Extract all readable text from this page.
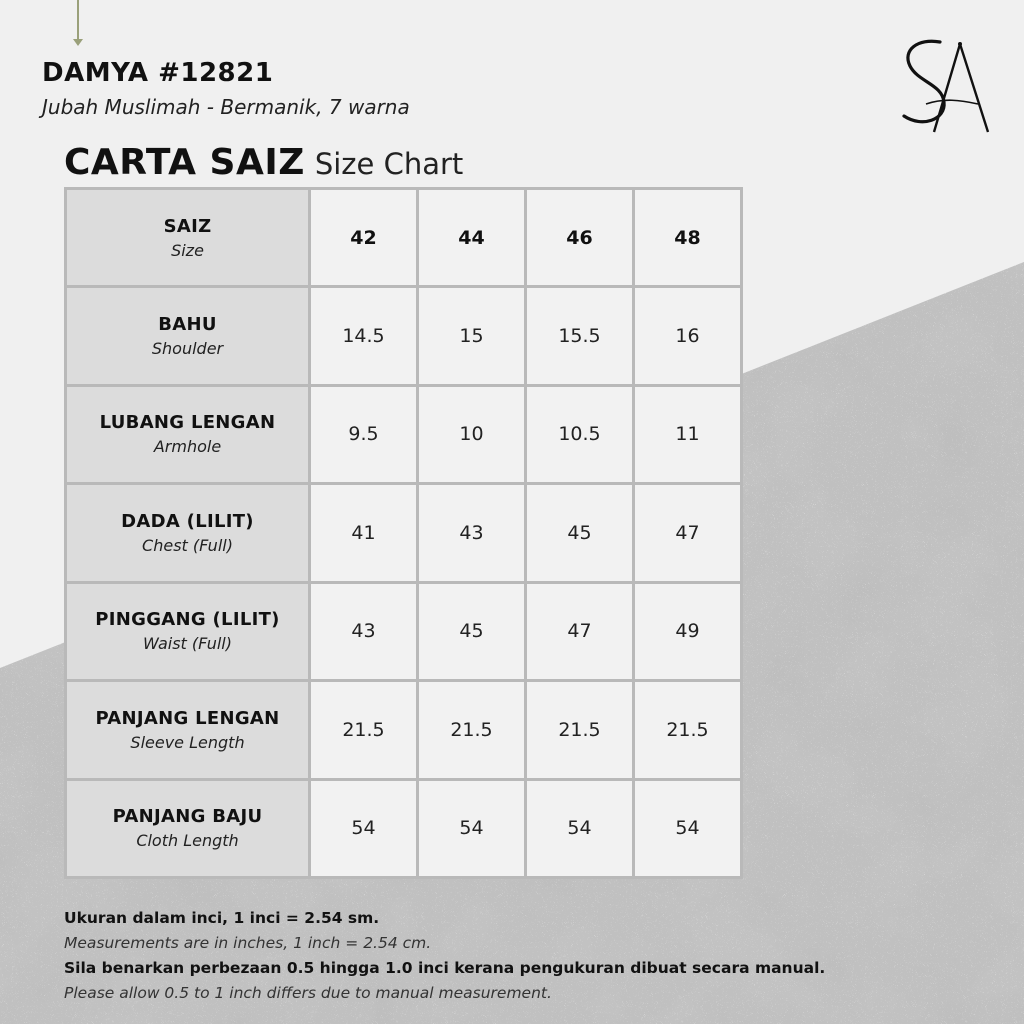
DAMYA #12821
Jubah Muslimah - Bermanik, 7 warna
CARTA SAIZ Size Chart
SAIZ
Size	42	44	46	48

BAHU
Shoulder	14.5	15	15.5	16

LUBANG LENGAN
Armhole	9.5	10	10.5	11

DADA (LILIT)
Chest (Full)	41	43	45	47

PINGGANG (LILIT)
Waist (Full)	43	45	47	49

PANJANG LENGAN
Sleeve Length	21.5	21.5	21.5	21.5

PANJANG BAJU
Cloth Length	54	54	54	54
Ukuran dalam inci, 1 inci = 2.54 sm.
Measurements are in inches, 1 inch = 2.54 cm.
Sila benarkan perbezaan 0.5 hingga 1.0 inci kerana pengukuran dibuat secara manual.
Please allow 0.5 to 1 inch differs due to manual measurement.
